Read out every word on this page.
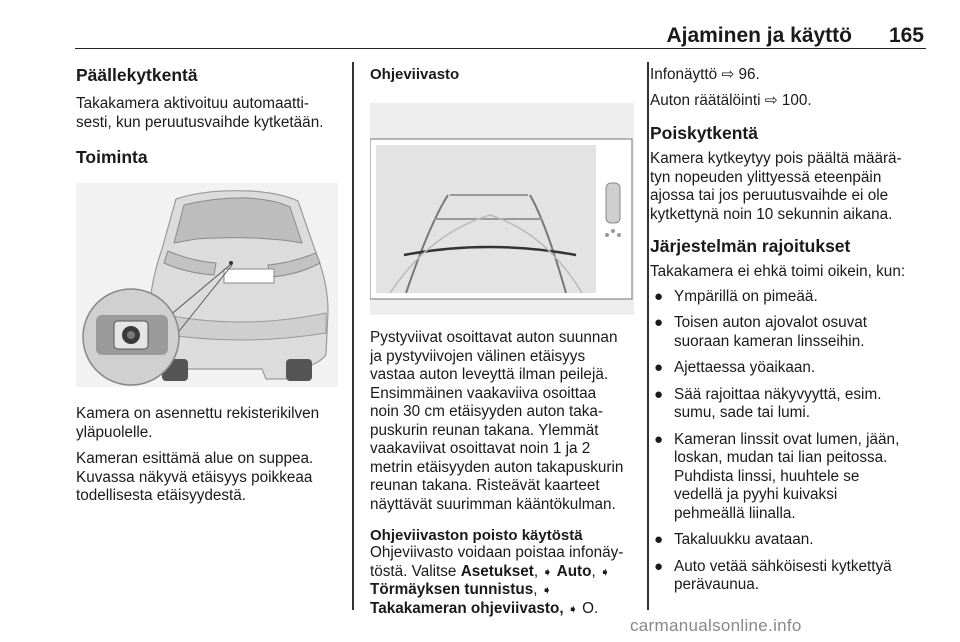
Ajaminen ja käyttö 165
Päällekytkentä

Takakamera aktivoituu automaatti-
sesti, kun peruutusvaihde kytketään.

Toiminta

Kamera on asennettu rekisterikilven
yläpuolelle.

Kameran esittämä alue on suppea.
Kuvassa näkyvä etäisyys poikkeaa
todellisesta etäisyydestä.

Ohjeviivasto
Pystyviivat osoittavat auton suunnan
ja pystyviivojen välinen etäisyys
vastaa auton leveyttä ilman peilejä.
Ensimmäinen vaakaviiva osoittaa
noin 30 cm etäisyyden auton taka-
puskurin reunan takana. Ylemmät
vaakaviivat osoittavat noin 1 ja 2
metrin etäisyyden auton takapuskurin
reunan takana. Risteävät kaarteet
näyttävät suurimman kääntökulman.
Ohjeviivaston poisto käytöstä
Ohjeviivasto voidaan poistaa infonäy-
töstä. Valitse Asetukset, ➧ Auto, ➧
Törmäyksen tunnistus, ➧
Takakameran ohjeviivasto, ➧ O.

Infonäyttö ⇨ 96.

Auton räätälöinti ⇨ 100.

Poiskytkentä
Kamera kytkeytyy pois päältä määrä-
tyn nopeuden ylittyessä eteenpäin
ajossa tai jos peruutusvaihde ei ole
kytkettynä noin 10 sekunnin aikana.
Järjestelmän rajoitukset

Takakamera ei ehkä toimi oikein, kun:

● Ympärillä on pimeää.
● Toisen auton ajovalot osuvat
suoraan kameran linsseihin.
● Ajettaessa yöaikaan.
● Sää rajoittaa näkyvyyttä, esim.
sumu, sade tai lumi.
● Kameran linssit ovat lumen, jään,
loskan, mudan tai lian peitossa.
Puhdista linssi, huuhtele se
vedellä ja pyyhi kuivaksi
pehmeällä liinalla.
● Takaluukku avataan.
● Auto vetää sähköisesti kytkettyä
perävaunua.
carmanualsonline.info
